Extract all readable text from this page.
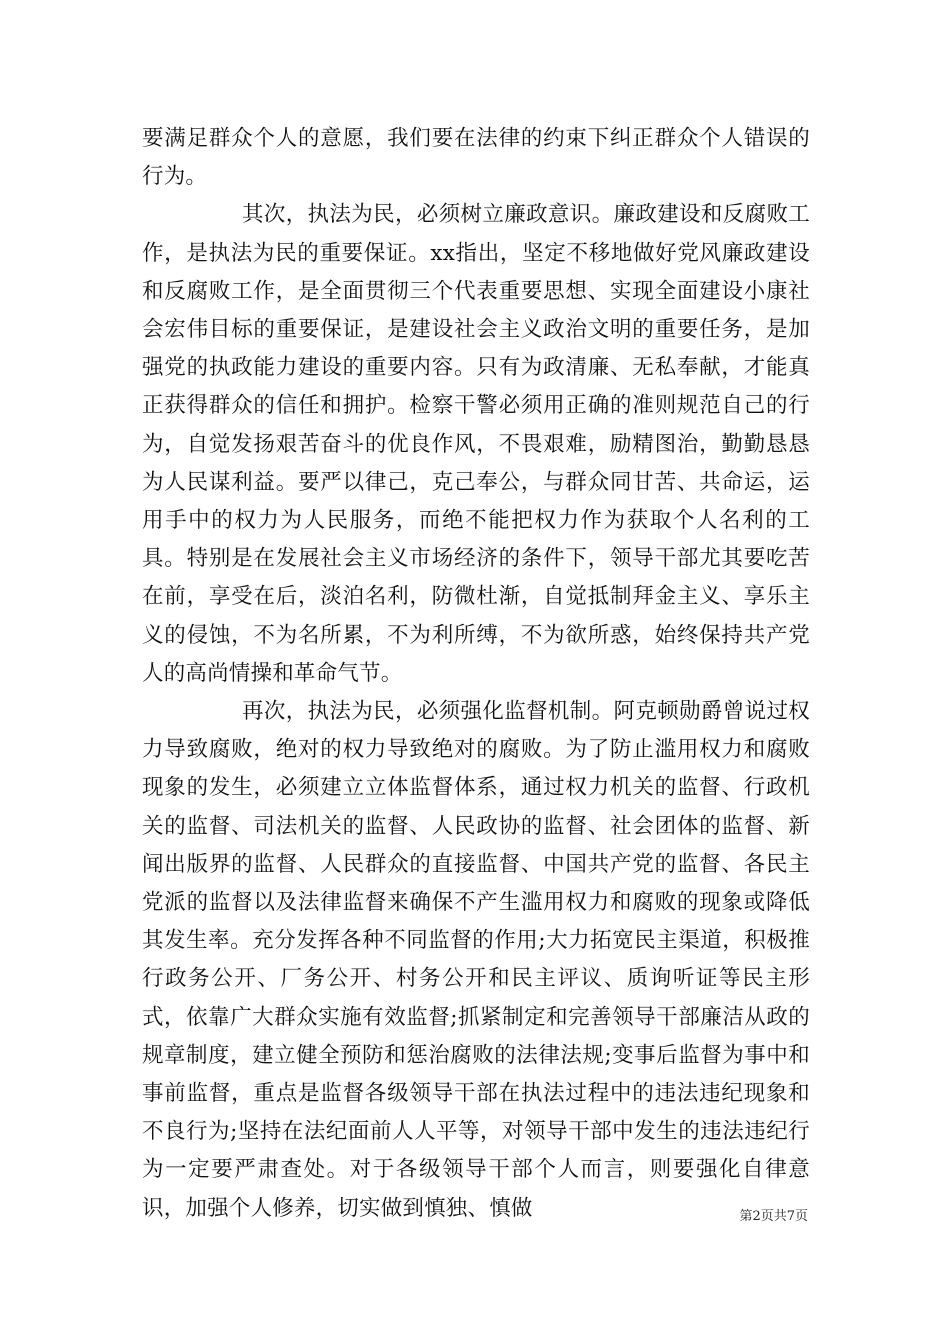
要满足群众个人的意愿，我们要在法律的约束下纠正群众个人错误的行为。

其次，执法为民，必须树立廉政意识。廉政建设和反腐败工作，是执法为民的重要保证。xx指出，坚定不移地做好党风廉政建设和反腐败工作，是全面贯彻三个代表重要思想、实现全面建设小康社会宏伟目标的重要保证，是建设社会主义政治文明的重要任务，是加强党的执政能力建设的重要内容。只有为政清廉、无私奉献，才能真正获得群众的信任和拥护。检察干警必须用正确的准则规范自己的行为，自觉发扬艰苦奋斗的优良作风，不畏艰难，励精图治，勤勤恳恳为人民谋利益。要严以律己，克己奉公，与群众同甘苦、共命运，运用手中的权力为人民服务，而绝不能把权力作为获取个人名利的工具。特别是在发展社会主义市场经济的条件下，领导干部尤其要吃苦在前，享受在后，淡泊名利，防微杜渐，自觉抵制拜金主义、享乐主义的侵蚀，不为名所累，不为利所缚，不为欲所惑，始终保持共产党人的高尚情操和革命气节。

再次，执法为民，必须强化监督机制。阿克顿勋爵曾说过权力导致腐败，绝对的权力导致绝对的腐败。为了防止滥用权力和腐败现象的发生，必须建立立体监督体系，通过权力机关的监督、行政机关的监督、司法机关的监督、人民政协的监督、社会团体的监督、新闻出版界的监督、人民群众的直接监督、中国共产党的监督、各民主党派的监督以及法律监督来确保不产生滥用权力和腐败的现象或降低其发生率。充分发挥各种不同监督的作用;大力拓宽民主渠道，积极推行政务公开、厂务公开、村务公开和民主评议、质询听证等民主形式，依靠广大群众实施有效监督;抓紧制定和完善领导干部廉洁从政的规章制度，建立健全预防和惩治腐败的法律法规;变事后监督为事中和事前监督，重点是监督各级领导干部在执法过程中的违法违纪现象和不良行为;坚持在法纪面前人人平等，对领导干部中发生的违法违纪行为一定要严肃查处。对于各级领导干部个人而言，则要强化自律意识，加强个人修养，切实做到慎独、慎做	第2页共7页
